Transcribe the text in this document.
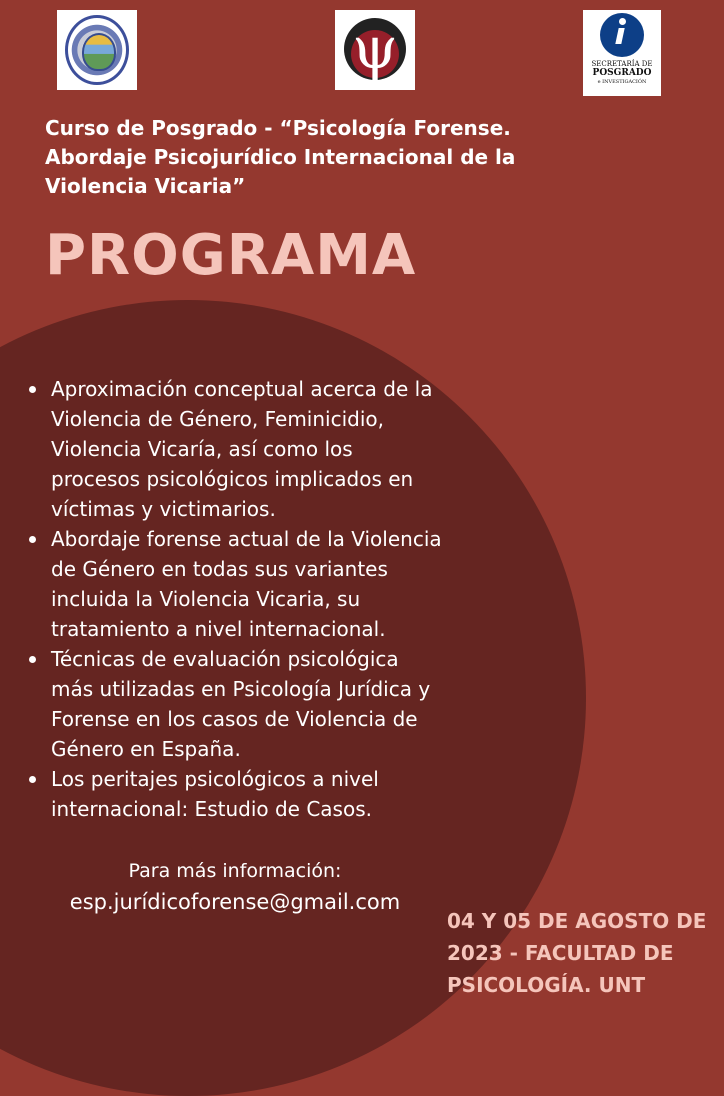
ψ	SECRETARÍA DE
POSGRADO
e INVESTIGACIÓN
Curso de Posgrado - “Psicología Forense.
Abordaje Psicojurídico Internacional de la
Violencia Vicaria”
PROGRAMA
Aproximación conceptual acerca de la
Violencia de Género, Feminicidio,
Violencia Vicaría, así como los
procesos psicológicos implicados en
víctimas y victimarios.
Abordaje forense actual de la Violencia
de Género en todas sus variantes
incluida la Violencia Vicaria, su
tratamiento a nivel internacional.
Técnicas de evaluación psicológica
más utilizadas en Psicología Jurídica y
Forense en los casos de Violencia de
Género en España.
Los peritajes psicológicos a nivel
internacional: Estudio de Casos.
Para más información:
esp.jurídicoforense@gmail.com
04 Y 05 DE AGOSTO DE
2023 - FACULTAD DE
PSICOLOGÍA. UNT
